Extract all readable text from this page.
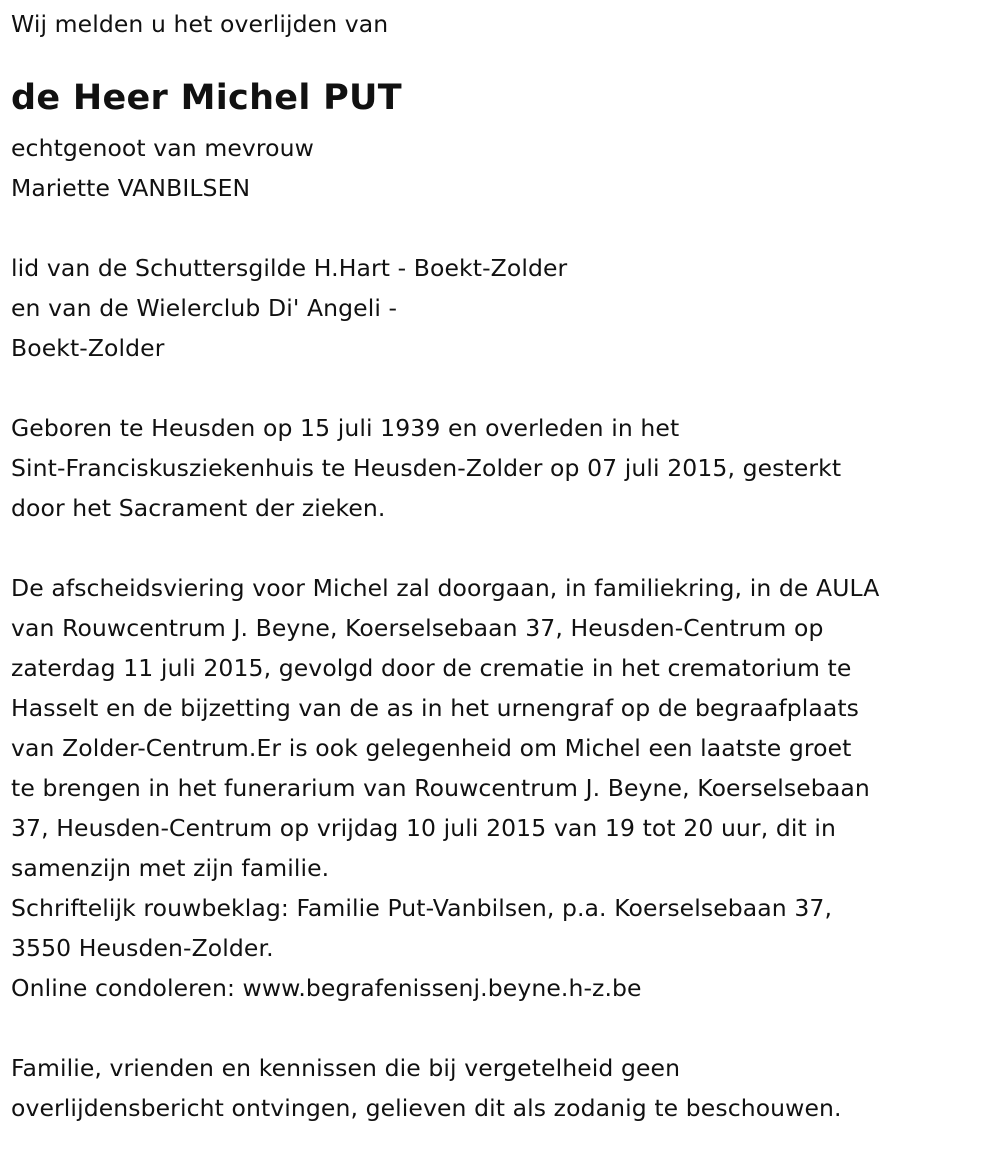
Wij melden u het overlijden van
de Heer Michel PUT
echtgenoot van mevrouw
Mariette VANBILSEN
lid van de Schuttersgilde H.Hart - Boekt-Zolder
en van de Wielerclub Di' Angeli -
Boekt-Zolder
Geboren te Heusden op 15 juli 1939 en overleden in het
Sint-Franciskusziekenhuis te Heusden-Zolder op 07 juli 2015, gesterkt
door het Sacrament der zieken.
De afscheidsviering voor Michel zal doorgaan, in familiekring, in de AULA
van Rouwcentrum J. Beyne, Koerselsebaan 37, Heusden-Centrum op
zaterdag 11 juli 2015, gevolgd door de crematie in het crematorium te
Hasselt en de bijzetting van de as in het urnengraf op de begraafplaats
van Zolder-Centrum.Er is ook gelegenheid om Michel een laatste groet
te brengen in het funerarium van Rouwcentrum J. Beyne, Koerselsebaan
37, Heusden-Centrum op vrijdag 10 juli 2015 van 19 tot 20 uur, dit in
samenzijn met zijn familie.
Schriftelijk rouwbeklag: Familie Put-Vanbilsen, p.a. Koerselsebaan 37,
3550 Heusden-Zolder.
Online condoleren: www.begrafenissenj.beyne.h-z.be
Familie, vrienden en kennissen die bij vergetelheid geen
overlijdensbericht ontvingen, gelieven dit als zodanig te beschouwen.
